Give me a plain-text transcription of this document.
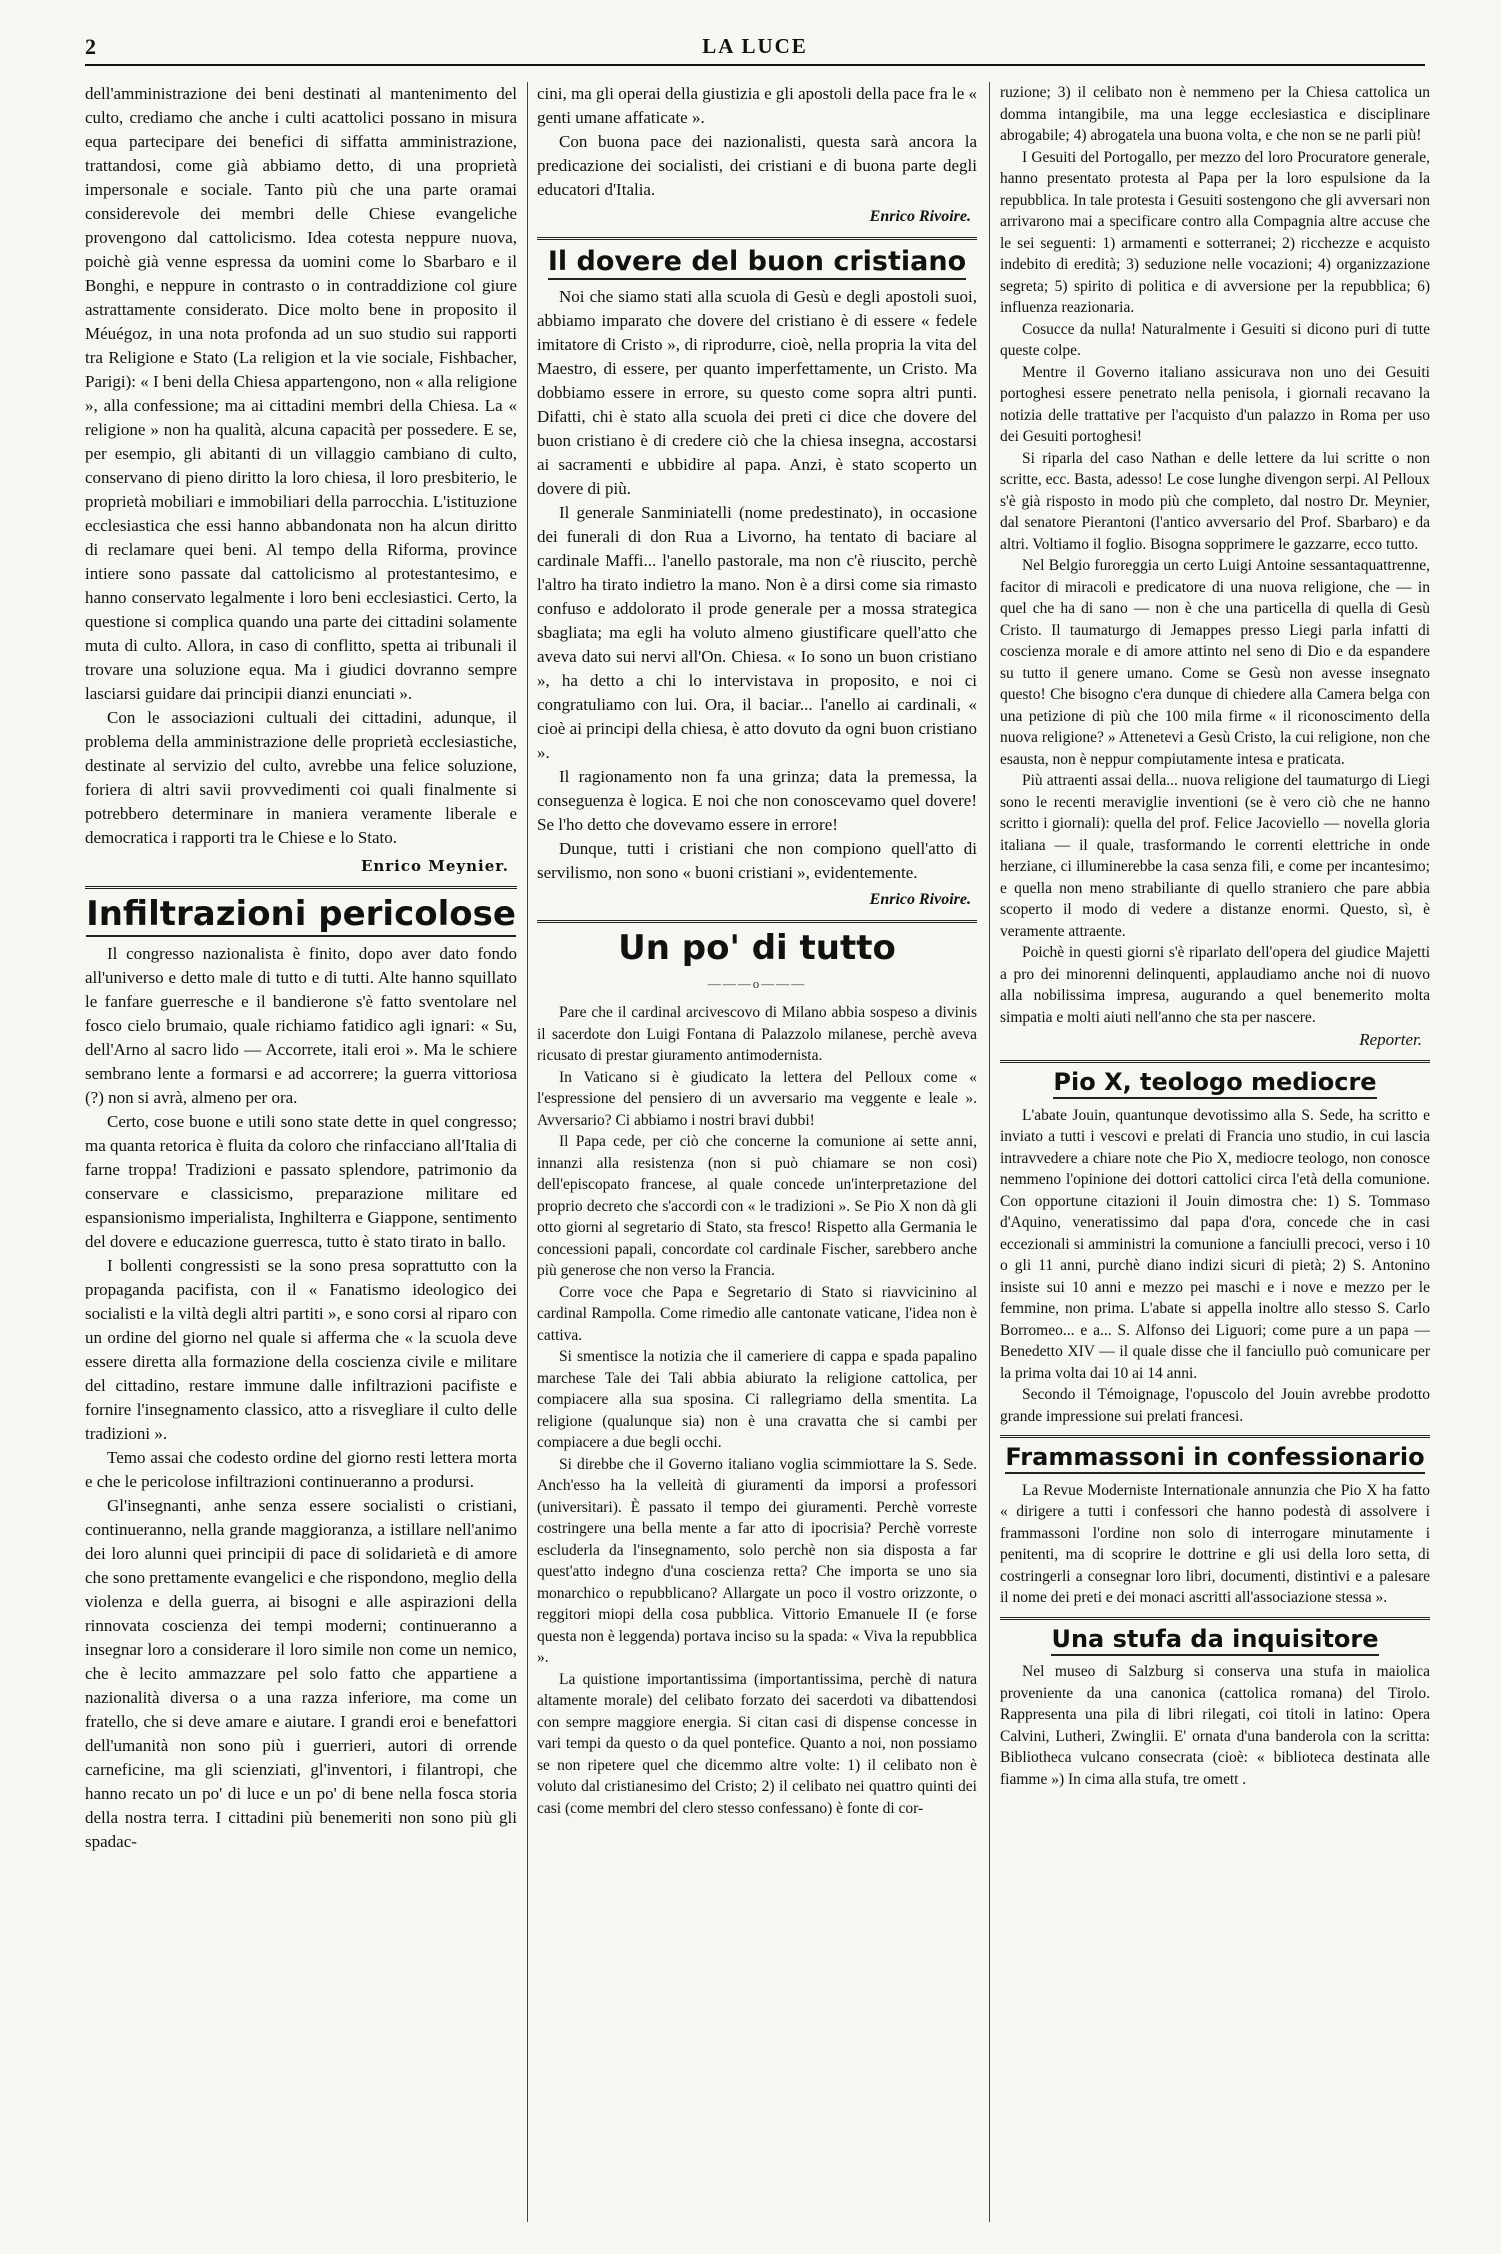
2	LA LUCE

dell'amministrazione dei beni destinati al mantenimento del culto, crediamo che anche i culti acattolici possano in misura equa partecipare dei benefici di siffatta amministrazione, trattandosi, come già abbiamo detto, di una proprietà impersonale e sociale. Tanto più che una parte oramai considerevole dei membri delle Chiese evangeliche provengono dal cattolicismo. Idea cotesta neppure nuova, poichè già venne espressa da uomini come lo Sbarbaro e il Bonghi, e neppure in contrasto o in contraddizione col giure astrattamente considerato. Dice molto bene in proposito il Méuégoz, in una nota profonda ad un suo studio sui rapporti tra Religione e Stato (La religion et la vie sociale, Fishbacher, Parigi): « I beni della Chiesa appartengono, non « alla religione », alla confessione; ma ai cittadini membri della Chiesa. La « religione » non ha qualità, alcuna capacità per possedere. E se, per esempio, gli abitanti di un villaggio cambiano di culto, conservano di pieno diritto la loro chiesa, il loro presbiterio, le proprietà mobiliari e immobiliari della parrocchia. L'istituzione ecclesiastica che essi hanno abbandonata non ha alcun diritto di reclamare quei beni. Al tempo della Riforma, province intiere sono passate dal cattolicismo al protestantesimo, e hanno conservato legalmente i loro beni ecclesiastici. Certo, la questione si complica quando una parte dei cittadini solamente muta di culto. Allora, in caso di conflitto, spetta ai tribunali il trovare una soluzione equa. Ma i giudici dovranno sempre lasciarsi guidare dai principii dianzi enunciati ».

Con le associazioni cultuali dei cittadini, adunque, il problema della amministrazione delle proprietà ecclesiastiche, destinate al servizio del culto, avrebbe una felice soluzione, foriera di altri savii provvedimenti coi quali finalmente si potrebbero determinare in maniera veramente liberale e democratica i rapporti tra le Chiese e lo Stato.

Enrico Meynier.
Infiltrazioni pericolose

Il congresso nazionalista è finito, dopo aver dato fondo all'universo e detto male di tutto e di tutti. Alte hanno squillato le fanfare guerresche e il bandierone s'è fatto sventolare nel fosco cielo brumaio, quale richiamo fatidico agli ignari: « Su, dell'Arno al sacro lido — Accorrete, itali eroi ». Ma le schiere sembrano lente a formarsi e ad accorrere; la guerra vittoriosa (?) non si avrà, almeno per ora.

Certo, cose buone e utili sono state dette in quel congresso; ma quanta retorica è fluita da coloro che rinfacciano all'Italia di farne troppa! Tradizioni e passato splendore, patrimonio da conservare e classicismo, preparazione militare ed espansionismo imperialista, Inghilterra e Giappone, sentimento del dovere e educazione guerresca, tutto è stato tirato in ballo.

I bollenti congressisti se la sono presa soprattutto con la propaganda pacifista, con il « Fanatismo ideologico dei socialisti e la viltà degli altri partiti », e sono corsi al riparo con un ordine del giorno nel quale si afferma che « la scuola deve essere diretta alla formazione della coscienza civile e militare del cittadino, restare immune dalle infiltrazioni pacifiste e fornire l'insegnamento classico, atto a risvegliare il culto delle tradizioni ».

Temo assai che codesto ordine del giorno resti lettera morta e che le pericolose infiltrazioni continueranno a prodursi.

Gl'insegnanti, anhe senza essere socialisti o cristiani, continueranno, nella grande maggioranza, a istillare nell'animo dei loro alunni quei principii di pace di solidarietà e di amore che sono prettamente evangelici e che rispondono, meglio della violenza e della guerra, ai bisogni e alle aspirazioni della rinnovata coscienza dei tempi moderni; continueranno a insegnar loro a considerare il loro simile non come un nemico, che è lecito ammazzare pel solo fatto che appartiene a nazionalità diversa o a una razza inferiore, ma come un fratello, che si deve amare e aiutare. I grandi eroi e benefattori dell'umanità non sono più i guerrieri, autori di orrende carneficine, ma gli scienziati, gl'inventori, i filantropi, che hanno recato un po' di luce e un po' di bene nella fosca storia della nostra terra. I cittadini più benemeriti non sono più gli spadac-

cini, ma gli operai della giustizia e gli apostoli della pace fra le « genti umane affaticate ».

Con buona pace dei nazionalisti, questa sarà ancora la predicazione dei socialisti, dei cristiani e di buona parte degli educatori d'Italia.

Enrico Rivoire.
Il dovere del buon cristiano

Noi che siamo stati alla scuola di Gesù e degli apostoli suoi, abbiamo imparato che dovere del cristiano è di essere « fedele imitatore di Cristo », di riprodurre, cioè, nella propria la vita del Maestro, di essere, per quanto imperfettamente, un Cristo. Ma dobbiamo essere in errore, su questo come sopra altri punti. Difatti, chi è stato alla scuola dei preti ci dice che dovere del buon cristiano è di credere ciò che la chiesa insegna, accostarsi ai sacramenti e ubbidire al papa. Anzi, è stato scoperto un dovere di più.

Il generale Sanminiatelli (nome predestinato), in occasione dei funerali di don Rua a Livorno, ha tentato di baciare al cardinale Maffi... l'anello pastorale, ma non c'è riuscito, perchè l'altro ha tirato indietro la mano. Non è a dirsi come sia rimasto confuso e addolorato il prode generale per a mossa strategica sbagliata; ma egli ha voluto almeno giustificare quell'atto che aveva dato sui nervi all'On. Chiesa. « Io sono un buon cristiano », ha detto a chi lo intervistava in proposito, e noi ci congratuliamo con lui. Ora, il baciar... l'anello ai cardinali, « cioè ai principi della chiesa, è atto dovuto da ogni buon cristiano ».

Il ragionamento non fa una grinza; data la premessa, la conseguenza è logica. E noi che non conoscevamo quel dovere! Se l'ho detto che dovevamo essere in errore!

Dunque, tutti i cristiani che non compiono quell'atto di servilismo, non sono « buoni cristiani », evidentemente.

Enrico Rivoire.
Un po' di tutto
———o———

Pare che il cardinal arcivescovo di Milano abbia sospeso a divinis il sacerdote don Luigi Fontana di Palazzolo milanese, perchè aveva ricusato di prestar giuramento antimodernista.

In Vaticano si è giudicato la lettera del Pelloux come « l'espressione del pensiero di un avversario ma veggente e leale ». Avversario? Ci abbiamo i nostri bravi dubbi!

Il Papa cede, per ciò che concerne la comunione ai sette anni, innanzi alla resistenza (non si può chiamare se non così) dell'episcopato francese, al quale concede un'interpretazione del proprio decreto che s'accordi con « le tradizioni ». Se Pio X non dà gli otto giorni al segretario di Stato, sta fresco! Rispetto alla Germania le concessioni papali, concordate col cardinale Fischer, sarebbero anche più generose che non verso la Francia.

Corre voce che Papa e Segretario di Stato si riavvicinino al cardinal Rampolla. Come rimedio alle cantonate vaticane, l'idea non è cattiva.

Si smentisce la notizia che il cameriere di cappa e spada papalino marchese Tale dei Tali abbia abiurato la religione cattolica, per compiacere alla sua sposina. Ci rallegriamo della smentita. La religione (qualunque sia) non è una cravatta che si cambi per compiacere a due begli occhi.

Si direbbe che il Governo italiano voglia scimmiottare la S. Sede. Anch'esso ha la velleità di giuramenti da imporsi a professori (universitari). È passato il tempo dei giuramenti. Perchè vorreste costringere una bella mente a far atto di ipocrisia? Perchè vorreste escluderla da l'insegnamento, solo perchè non sia disposta a far quest'atto indegno d'una coscienza retta? Che importa se uno sia monarchico o repubblicano? Allargate un poco il vostro orizzonte, o reggitori miopi della cosa pubblica. Vittorio Emanuele II (e forse questa non è leggenda) portava inciso su la spada: « Viva la repubblica ».

La quistione importantissima (importantissima, perchè di natura altamente morale) del celibato forzato dei sacerdoti va dibattendosi con sempre maggiore energia. Si citan casi di dispense concesse in vari tempi da questo o da quel pontefice. Quanto a noi, non possiamo se non ripetere quel che dicemmo altre volte: 1) il celibato non è voluto dal cristianesimo del Cristo; 2) il celibato nei quattro quinti dei casi (come membri del clero stesso confessano) è fonte di cor-

ruzione; 3) il celibato non è nemmeno per la Chiesa cattolica un domma intangibile, ma una legge ecclesiastica e disciplinare abrogabile; 4) abrogatela una buona volta, e che non se ne parli più!

I Gesuiti del Portogallo, per mezzo del loro Procuratore generale, hanno presentato protesta al Papa per la loro espulsione da la repubblica. In tale protesta i Gesuiti sostengono che gli avversari non arrivarono mai a specificare contro alla Compagnia altre accuse che le sei seguenti: 1) armamenti e sotterranei; 2) ricchezze e acquisto indebito di eredità; 3) seduzione nelle vocazioni; 4) organizzazione segreta; 5) spirito di politica e di avversione per la repubblica; 6) influenza reazionaria.

Cosucce da nulla! Naturalmente i Gesuiti si dicono puri di tutte queste colpe.

Mentre il Governo italiano assicurava non uno dei Gesuiti portoghesi essere penetrato nella penisola, i giornali recavano la notizia delle trattative per l'acquisto d'un palazzo in Roma per uso dei Gesuiti portoghesi!

Si riparla del caso Nathan e delle lettere da lui scritte o non scritte, ecc. Basta, adesso! Le cose lunghe divengon serpi. Al Pelloux s'è già risposto in modo più che completo, dal nostro Dr. Meynier, dal senatore Pierantoni (l'antico avversario del Prof. Sbarbaro) e da altri. Voltiamo il foglio. Bisogna sopprimere le gazzarre, ecco tutto.

Nel Belgio furoreggia un certo Luigi Antoine sessantaquattrenne, facitor di miracoli e predicatore di una nuova religione, che — in quel che ha di sano — non è che una particella di quella di Gesù Cristo. Il taumaturgo di Jemappes presso Liegi parla infatti di coscienza morale e di amore attinto nel seno di Dio e da espandere su tutto il genere umano. Come se Gesù non avesse insegnato questo! Che bisogno c'era dunque di chiedere alla Camera belga con una petizione di più che 100 mila firme « il riconoscimento della nuova religione? » Attenetevi a Gesù Cristo, la cui religione, non che esausta, non è neppur compiutamente intesa e praticata.

Più attraenti assai della... nuova religione del taumaturgo di Liegi sono le recenti meraviglie inventioni (se è vero ciò che ne hanno scritto i giornali): quella del prof. Felice Jacoviello — novella gloria italiana — il quale, trasformando le correnti elettriche in onde herziane, ci illuminerebbe la casa senza fili, e come per incantesimo; e quella non meno strabiliante di quello straniero che pare abbia scoperto il modo di vedere a distanze enormi. Questo, sì, è veramente attraente.

Poichè in questi giorni s'è riparlato dell'opera del giudice Majetti a pro dei minorenni delinquenti, applaudiamo anche noi di nuovo alla nobilissima impresa, augurando a quel benemerito molta simpatia e molti aiuti nell'anno che sta per nascere.

Reporter.
Pio X, teologo mediocre

L'abate Jouin, quantunque devotissimo alla S. Sede, ha scritto e inviato a tutti i vescovi e prelati di Francia uno studio, in cui lascia intravvedere a chiare note che Pio X, mediocre teologo, non conosce nemmeno l'opinione dei dottori cattolici circa l'età della comunione. Con opportune citazioni il Jouin dimostra che: 1) S. Tommaso d'Aquino, veneratissimo dal papa d'ora, concede che in casi eccezionali si amministri la comunione a fanciulli precoci, verso i 10 o gli 11 anni, purchè diano indizi sicuri di pietà; 2) S. Antonino insiste sui 10 anni e mezzo pei maschi e i nove e mezzo per le femmine, non prima. L'abate si appella inoltre allo stesso S. Carlo Borromeo... e a... S. Alfonso dei Liguori; come pure a un papa — Benedetto XIV — il quale disse che il fanciullo può comunicare per la prima volta dai 10 ai 14 anni.

Secondo il Témoignage, l'opuscolo del Jouin avrebbe prodotto grande impressione sui prelati francesi.

Frammassoni in confessionario

La Revue Moderniste Internationale annunzia che Pio X ha fatto « dirigere a tutti i confessori che hanno podestà di assolvere i frammassoni l'ordine non solo di interrogare minutamente i penitenti, ma di scoprire le dottrine e gli usi della loro setta, di costringerli a consegnar loro libri, documenti, distintivi e a palesare il nome dei preti e dei monaci ascritti all'associazione stessa ».

Una stufa da inquisitore

Nel museo di Salzburg si conserva una stufa in maiolica proveniente da una canonica (cattolica romana) del Tirolo. Rappresenta una pila di libri rilegati, coi titoli in latino: Opera Calvini, Lutheri, Zwinglii. E' ornata d'una banderola con la scritta: Bibliotheca vulcano consecrata (cioè: « biblioteca destinata alle fiamme ») In cima alla stufa, tre omett .
